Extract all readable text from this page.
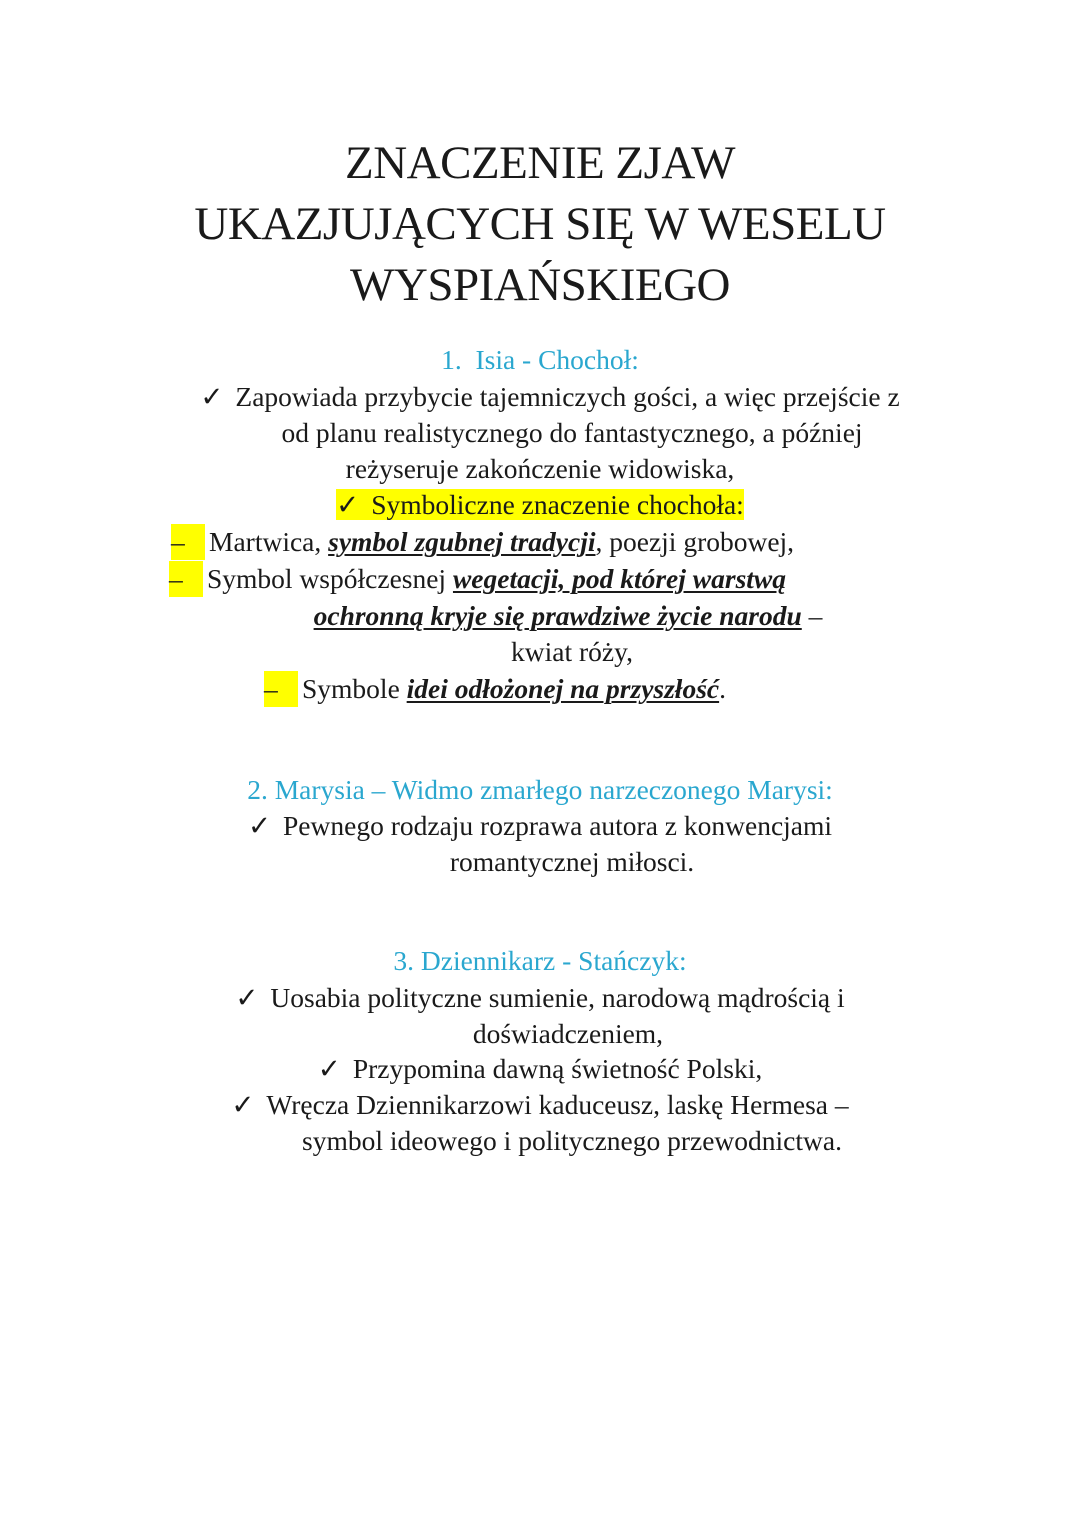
ZNACZENIE ZJAW
UKAZJUJĄCYCH SIĘ W WESELU
WYSPIAŃSKIEGO
1. Isia - Chochoł:
✓ Zapowiada przybycie tajemniczych gości, a więc przejście z
od planu realistycznego do fantastycznego, a później
reżyseruje zakończenie widowiska,
✓ Symboliczne znaczenie chochoła:
– Martwica, symbol zgubnej tradycji, poezji grobowej,
– Symbol współczesnej wegetacji, pod której warstwą
ochronną kryje się prawdziwe życie narodu –
kwiat róży,
– Symbole idei odłożonej na przyszłość.
2. Marysia – Widmo zmarłego narzeczonego Marysi:
✓ Pewnego rodzaju rozprawa autora z konwencjami
romantycznej miłosci.
3. Dziennikarz - Stańczyk:
✓ Uosabia polityczne sumienie, narodową mądrością i
doświadczeniem,
✓ Przypomina dawną świetność Polski,
✓ Wręcza Dziennikarzowi kaduceusz, laskę Hermesa –
symbol ideowego i politycznego przewodnictwa.
